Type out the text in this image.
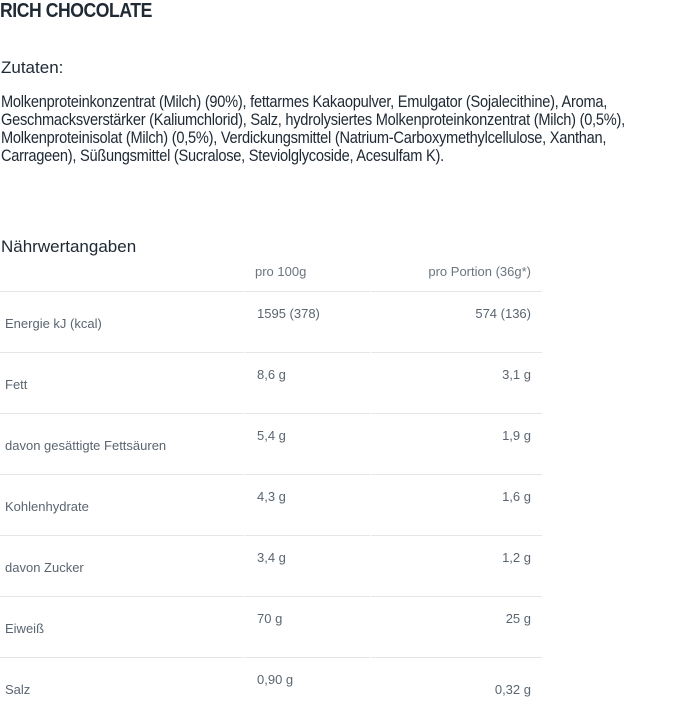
RICH CHOCOLATE
Zutaten:

Molkenproteinkonzentrat (Milch) (90%), fettarmes Kakaopulver, Emulgator (Sojalecithine), Aroma, Geschmacksverstärker (Kaliumchlorid), Salz, hydrolysiertes Molkenproteinkonzentrat (Milch) (0,5%), Molkenproteinisolat (Milch) (0,5%), Verdickungsmittel (Natrium-Carboxymethylcellulose, Xanthan, Carrageen), Süßungsmittel (Sucralose, Steviolglycoside, Acesulfam K).

Nährwertangaben
	pro 100g	pro Portion (36g*)
Energie kJ (kcal)	1595 (378)	574 (136)
Fett	8,6 g	3,1 g
davon gesättigte Fettsäuren	5,4 g	1,9 g
Kohlenhydrate	4,3 g	1,6 g
davon Zucker	3,4 g	1,2 g
Eiweiß	70 g	25 g
Salz	0,90 g	0,32 g
